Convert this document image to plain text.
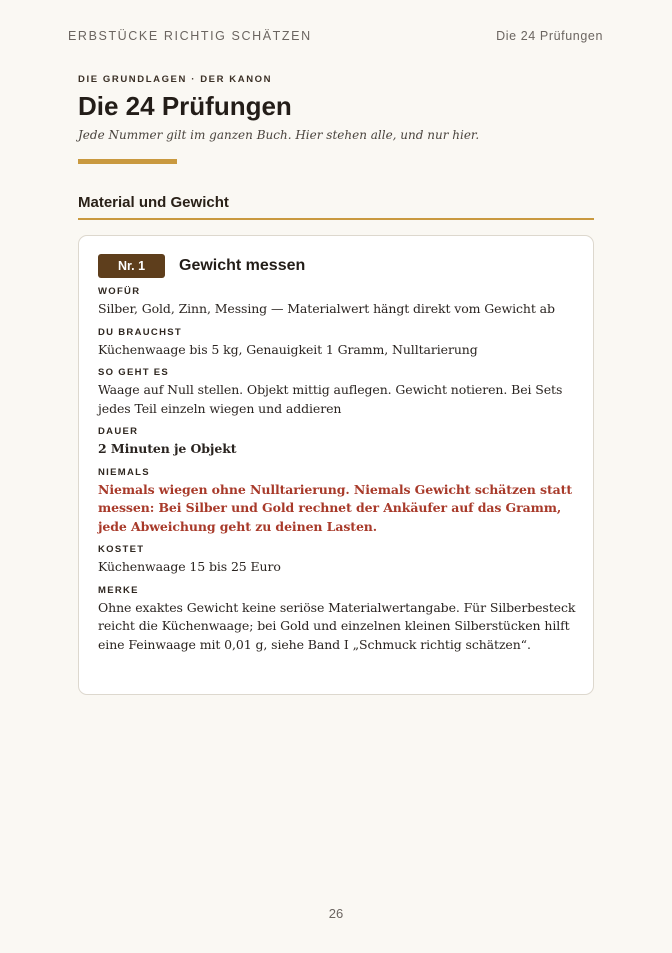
ERBSTÜCKE RICHTIG SCHÄTZEN	Die 24 Prüfungen
DIE GRUNDLAGEN · DER KANON
Die 24 Prüfungen
Jede Nummer gilt im ganzen Buch. Hier stehen alle, und nur hier.
Material und Gewicht
Nr. 1	Gewicht messen
WOFÜR
Silber, Gold, Zinn, Messing — Materialwert hängt direkt vom Gewicht ab
DU BRAUCHST
Küchenwaage bis 5 kg, Genauigkeit 1 Gramm, Nulltarierung
SO GEHT ES
Waage auf Null stellen. Objekt mittig auflegen. Gewicht notieren. Bei Sets jedes Teil einzeln wiegen und addieren
DAUER
2 Minuten je Objekt
NIEMALS
Niemals wiegen ohne Nulltarierung. Niemals Gewicht schätzen statt messen: Bei Silber und Gold rechnet der Ankäufer auf das Gramm, jede Abweichung geht zu deinen Lasten.
KOSTET
Küchenwaage 15 bis 25 Euro
MERKE
Ohne exaktes Gewicht keine seriöse Materialwertangabe. Für Silberbesteck reicht die Küchenwaage; bei Gold und einzelnen kleinen Silberstücken hilft eine Feinwaage mit 0,01 g, siehe Band I „Schmuck richtig schätzen“.
26
